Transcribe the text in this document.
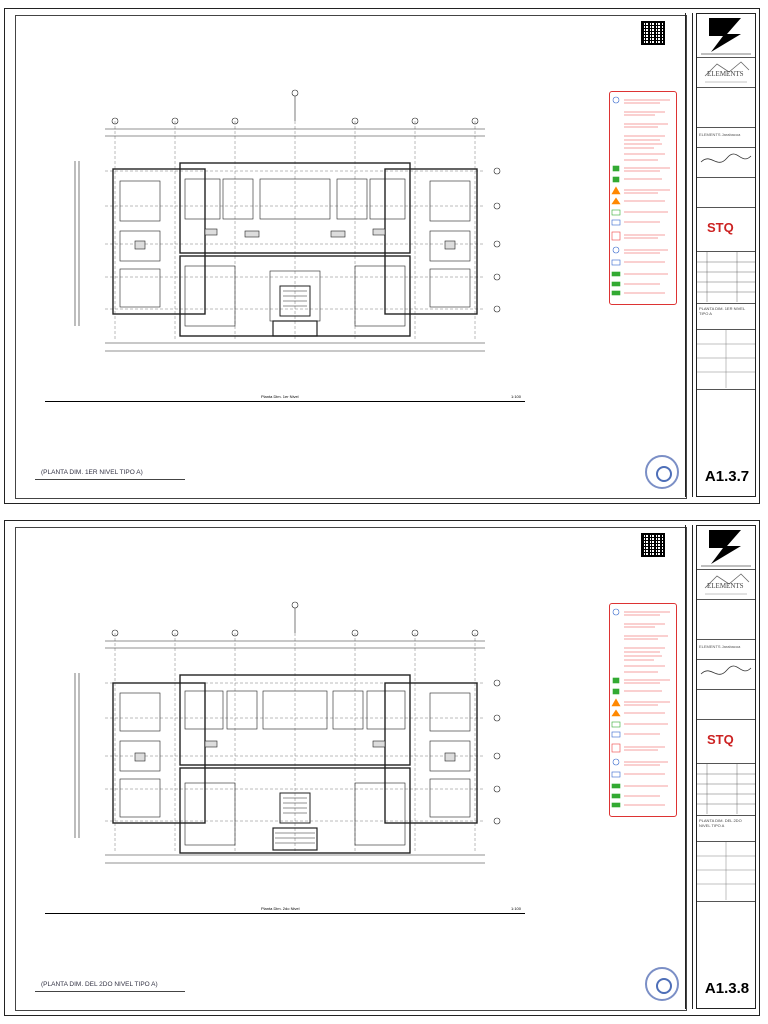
Planta Dim. 1er Nivel	1:100
(PLANTA DIM. 1ER NIVEL TIPO A)
ELEMENTS
ELEMENTS Jarabacoa
STQ
PLANTA DIM. 1ER NIVEL TIPO A
A1.3.7
Planta Dim. 2do Nivel	1:100
(PLANTA DIM. DEL 2DO NIVEL TIPO A)
ELEMENTS
ELEMENTS Jarabacoa
STQ
PLANTA DIM. DEL 2DO NIVEL TIPO A
A1.3.8
